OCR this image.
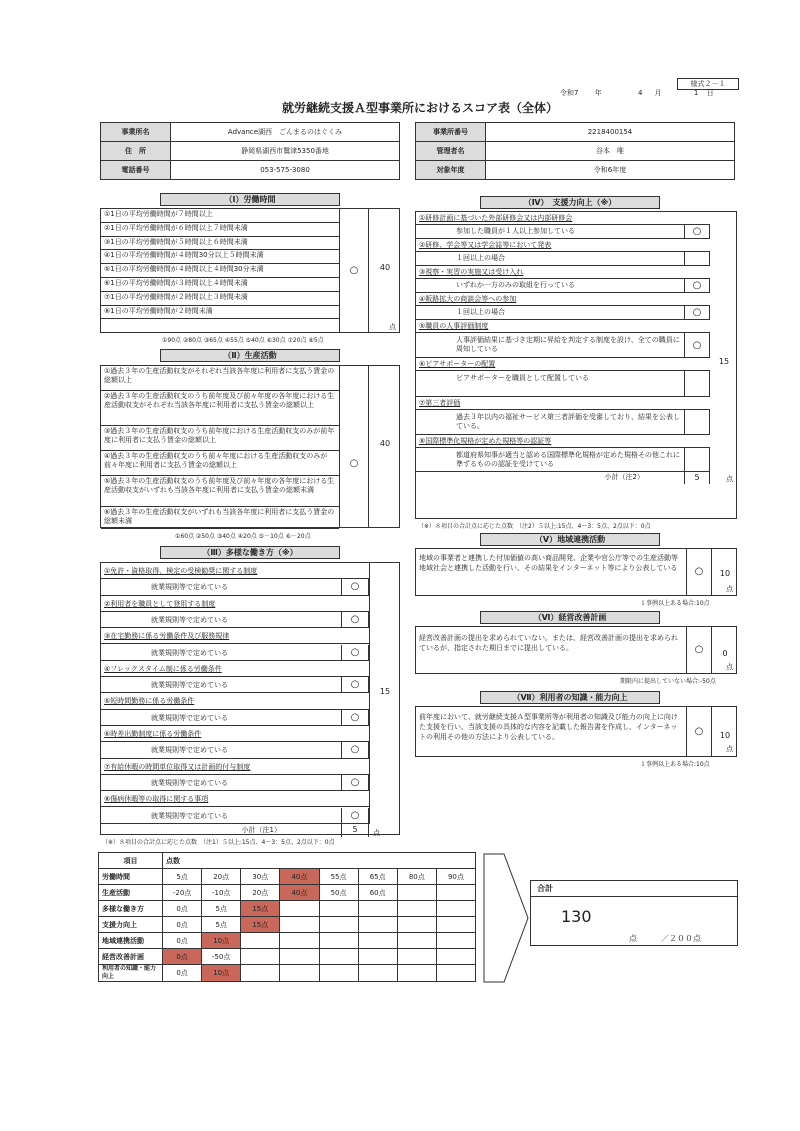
様式２－１
令和7 年	4 月	1 日
就労継続支援Ａ型事業所におけるスコア表（全体）
事業所名	Advance湖西　ごんまるのはぐくみ
住　所	静岡県湖西市鷲津5350番地
電話番号	053-575-3080
事業所番号	2218400154
管理者名	谷本　唯
対象年度	令和6年度
（Ⅰ）労働時間
①1日の平均労働時間が７時間以上
②1日の平均労働時間が６時間以上７時間未満
③1日の平均労働時間が５時間以上６時間未満
④1日の平均労働時間が４時間30分以上５時間未満
⑤1日の平均労働時間が４時間以上４時間30分未満
⑥1日の平均労働時間が３時間以上４時間未満
⑦1日の平均労働時間が２時間以上３時間未満
⑧1日の平均労働時間が２時間未満
○	40
点
①90点 ②80点 ③65点 ④55点 ⑤40点 ⑥30点 ⑦20点 ⑧5点
（Ⅱ）生産活動
①過去３年の生産活動収支がそれぞれ当該各年度に利用者に支払う賃金の総額以上
②過去３年の生産活動収支のうち前年度及び前々年度の各年度における生産活動収支がそれぞれ当該各年度に利用者に支払う賃金の総額以上
③過去３年の生産活動収支のうち前年度における生産活動収支のみが前年度に利用者に支払う賃金の総額以上
④過去３年の生産活動収支のうち前々年度における生産活動収支のみが前々年度に利用者に支払う賃金の総額以上	○
⑤過去３年の生産活動収支のうち前年度及び前々年度の各年度における生産活動収支がいずれも当該各年度に利用者に支払う賃金の総額未満
⑥過去３年の生産活動収支がいずれも当該各年度に利用者に支払う賃金の総額未満
40
①60点 ②50点 ③40点 ④20点 ⑤－10点 ⑥－20点
（Ⅲ）多様な働き方（※）
①免許・資格取得、検定の受検勧奨に関する制度
就業規則等で定めている	○
②利用者を職員として登用する制度
就業規則等で定めている	○
③在宅勤務に係る労働条件及び服務規律
就業規則等で定めている	○
④フレックスタイム制に係る労働条件
就業規則等で定めている	○
⑤短時間勤務に係る労働条件
就業規則等で定めている	○
⑥時差出勤制度に係る労働条件
就業規則等で定めている	○
⑦有給休暇の時間単位取得又は計画的付与制度
就業規則等で定めている	○
⑧傷病休暇等の取得に関する事項
就業規則等で定めている	○
小計（注1）	5	点
15
（※）８項目の合計点に応じた点数　（注1）５以上:15点、4～3：5点、2点以下：0点
（Ⅳ）　支援力向上（※）
①研修計画に基づいた外部研修会又は内部研修会
参加した職員が１人以上参加している	○
②研修、学会等又は学会誌等において発表
１回以上の場合
③視察・実習の実施又は受け入れ
いずれか一方のみの取組を行っている	○
④販路拡大の商談会等への参加
１回以上の場合	○
⑤職員の人事評価制度
人事評価結果に基づき定期に昇給を判定する制度を設け、全ての職員に周知している	○
⑥ピアサポーターの配置
ピアサポーターを職員として配置している
⑦第三者評価
過去３年以内の福祉サービス第三者評価を受審しており、結果を公表している。
⑧国際標準化規格が定めた規格等の認証等
都道府県知事が適当と認める国際標準化規格が定めた規格その他これに準ずるものの認証を受けている
小計（注2）	5	点
15
（※）８項目の合計点に応じた点数　（注2）５以上:15点、4～3：5点、2点以下：0点
（Ⅴ）地域連携活動
地域の事業者と連携した付加価値の高い商品開発、企業や官公庁等での生産活動等地域社会と連携した活動を行い、その結果をインターネット等により公表している	○	10
点
１事例以上ある場合:10点
（Ⅵ）経営改善計画
経営改善計画の提出を求められていない。または、経営改善計画の提出を求められているが、指定された期日までに提出している。	○	0
点
期限内に提出していない場合:-50点
（Ⅶ）利用者の知識・能力向上
前年度において、就労継続支援Ａ型事業所等が利用者の知識及び能力の向上に向けた支援を行い、当該支援の具体的な内容を記載した報告書を作成し、インターネットの利用その他の方法により公表している。	○	10
点
１事例以上ある場合:10点
項目	点数							
労働時間	5点	20点	30点	40点	55点	65点	80点	90点
生産活動	-20点	-10点	20点	40点	50点	60点		
多様な働き方	0点	5点	15点					
支援力向上	0点	5点	15点					
地域連携活動	0点	10点						
経営改善計画	0点	-50点						
利用者の知識・能力向上	0点	10点						
合計
130
点	／２００点
